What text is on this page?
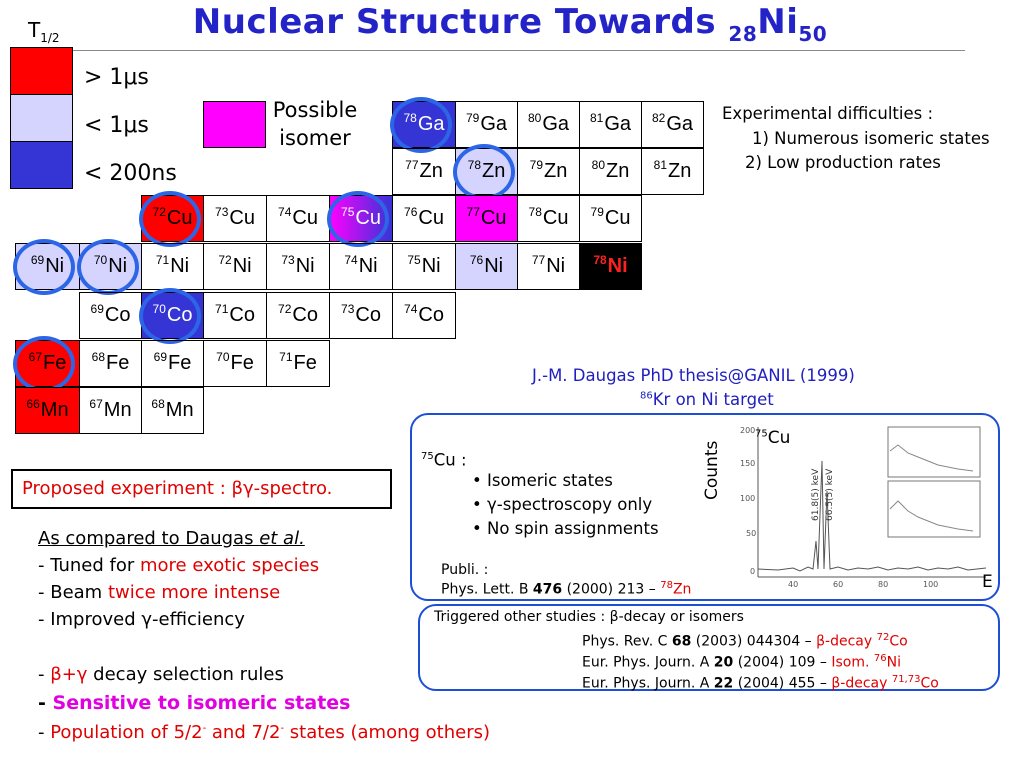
Nuclear Structure Towards $_{28}Ni_{50}$
$T_{1/2}$
> 1μs
< 1μs
< 200ns
Possible
isomer
$^{78}$ Ga $^{79}$ Ga $^{80}$ Ga $^{81}$ Ga $^{82}$ Ga
$^{77}$ Zn $^{78}$ Zn $^{79}$ Zn $^{80}$ Zn $^{81}$ Zn
$^{72}$ Cu $^{73}$ Cu $^{74}$ Cu $^{75}$ Cu $^{76}$ Cu $^{77}$ Cu $^{78}$ Cu $^{79}$ Cu
$^{69}$ Ni $^{70}$ Ni $^{71}$ Ni $^{72}$ Ni $^{73}$ Ni $^{74}$ Ni $^{75}$ Ni $^{76}$ Ni $^{77}$ Ni $^{78}$ Ni
$^{69}$ Co $^{70}$ Co $^{71}$ Co $^{72}$ Co $^{73}$ Co $^{74}$ Co
$^{67}$ Fe $^{68}$ Fe $^{69}$ Fe $^{70}$ Fe $^{71}$ Fe
$^{66}$ Mn $^{67}$ Mn $^{68}$ Mn
Experimental difficulties :
1) Numerous isomeric states
2) Low production rates
J.-M. Daugas PhD thesis@GANIL (1999)
$^{86}$Kr on Ni target
$^{75}$Cu :
• Isomeric states
• γ-spectroscopy only
• No spin assignments
Publi. :
Phys. Lett. B 476 (2000) 213 – $^{78}$Zn
200
150
100
50
0
40	60	80	100
61.8(5) keV 66.5(5) keV
Counts
$^{75}$Cu
E
Triggered other studies : β-decay or isomers
Phys. Rev. C 68 (2003) 044304 – β-decay $^{72}$Co
Eur. Phys. Journ. A 20 (2004) 109 – Isom. $^{76}$Ni
Eur. Phys. Journ. A 22 (2004) 455 – β-decay $^{71,73}$Co
Proposed experiment : βγ-spectro.
As compared to Daugas et al.
- Tuned for more exotic species
- Beam twice more intense
- Improved γ-efficiency
- β+γ decay selection rules
- Sensitive to isomeric states
- Population of 5/2- and 7/2- states (among others)
